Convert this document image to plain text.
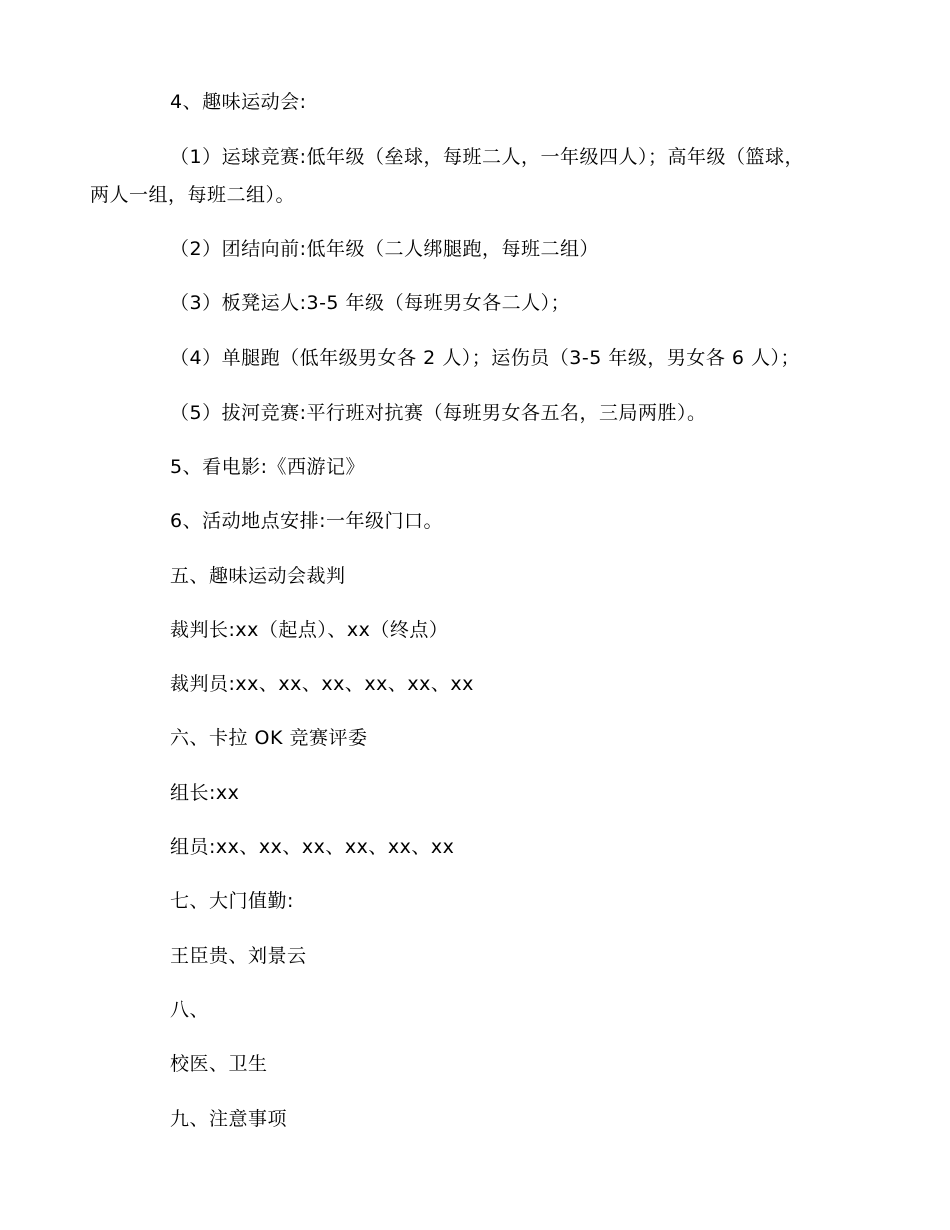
4、趣味运动会:
（1）运球竞赛:低年级（垒球，每班二人，一年级四人）；高年级（篮球，
两人一组，每班二组）。
（2）团结向前:低年级（二人绑腿跑，每班二组）
（3）板凳运人:3-5 年级（每班男女各二人）；
（4）单腿跑（低年级男女各 2 人）；运伤员（3-5 年级，男女各 6 人）；
（5）拔河竞赛:平行班对抗赛（每班男女各五名，三局两胜）。
5、看电影:《西游记》
6、活动地点安排:一年级门口。
五、趣味运动会裁判
裁判长:xx（起点）、xx（终点）
裁判员:xx、xx、xx、xx、xx、xx
六、卡拉 OK 竞赛评委
组长:xx
组员:xx、xx、xx、xx、xx、xx
七、大门值勤:
王臣贵、刘景云
八、
校医、卫生
九、注意事项
